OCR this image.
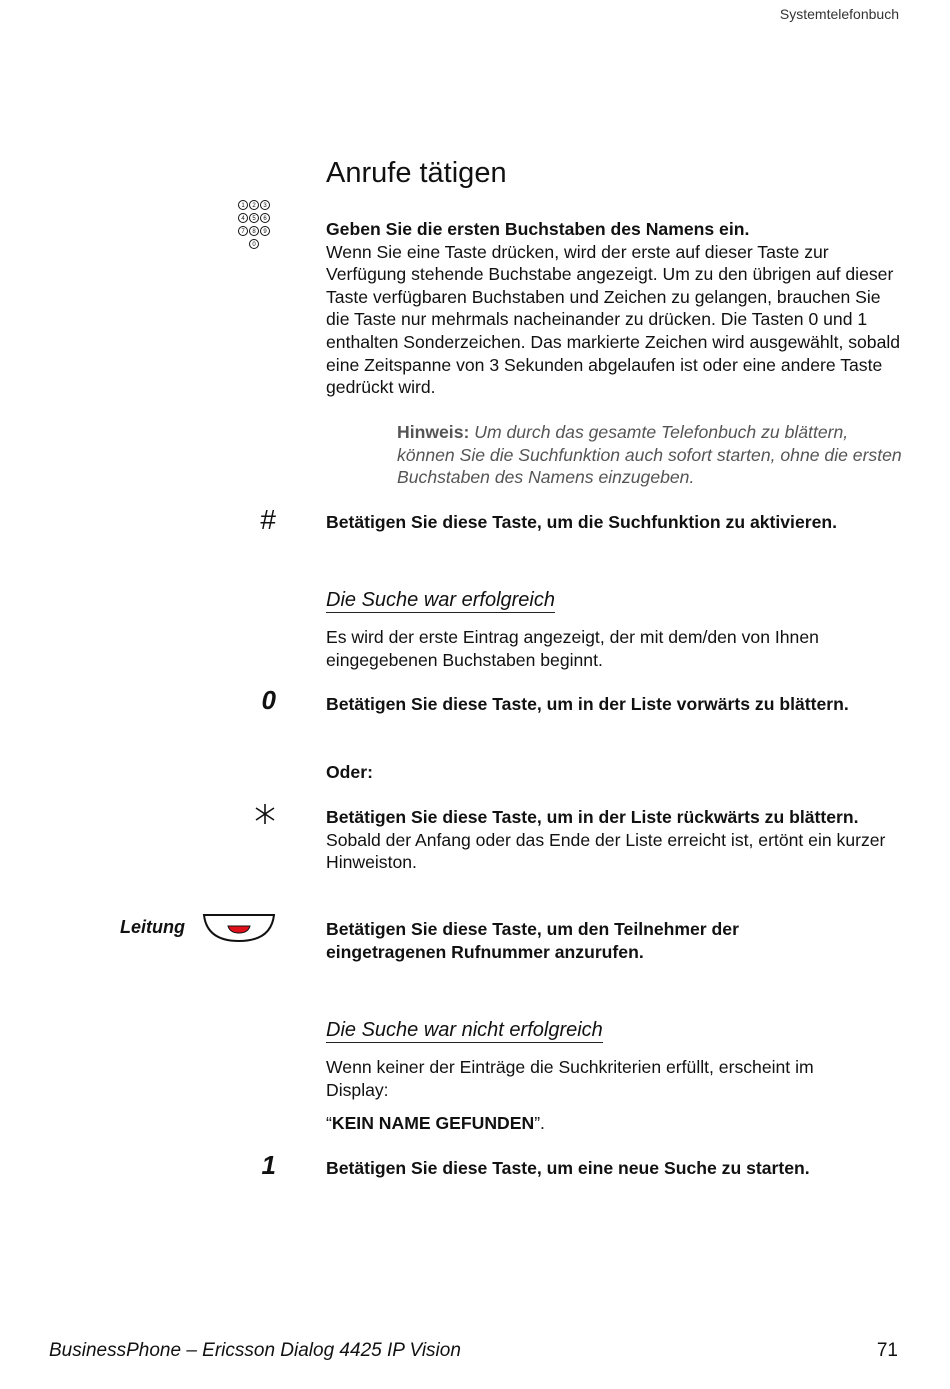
Systemtelefonbuch
Anrufe tätigen
1	2	3
4	5	6
7	8	9
0
Geben Sie die ersten Buchstaben des Namens ein.
Wenn Sie eine Taste drücken, wird der erste auf dieser Taste zur Verfügung stehende Buchstabe angezeigt. Um zu den übrigen auf dieser Taste verfügbaren Buchstaben und Zeichen zu gelangen, brauchen Sie die Taste nur mehrmals nacheinander zu drücken. Die Tasten 0 und 1 enthalten Sonderzeichen. Das markierte Zeichen wird ausgewählt, sobald eine Zeitspanne von 3 Sekunden abgelaufen ist oder eine andere Taste gedrückt wird.
Hinweis: Um durch das gesamte Telefonbuch zu blättern, können Sie die Suchfunktion auch sofort starten, ohne die ersten Buchstaben des Namens einzugeben.
#	Betätigen Sie diese Taste, um die Suchfunktion zu aktivieren.
Die Suche war erfolgreich
Es wird der erste Eintrag angezeigt, der mit dem/den von Ihnen eingegebenen Buchstaben beginnt.
0	Betätigen Sie diese Taste, um in der Liste vorwärts zu blättern.
Oder:
Betätigen Sie diese Taste, um in der Liste rückwärts zu blättern.
Sobald der Anfang oder das Ende der Liste erreicht ist, ertönt ein kurzer Hinweiston.
Leitung	Betätigen Sie diese Taste, um den Teilnehmer der eingetragenen Rufnummer anzurufen.
Die Suche war nicht erfolgreich
Wenn keiner der Einträge die Suchkriterien erfüllt, erscheint im Display:
“KEIN NAME GEFUNDEN”.
1	Betätigen Sie diese Taste, um eine neue Suche zu starten.
BusinessPhone – Ericsson Dialog 4425 IP Vision	71
